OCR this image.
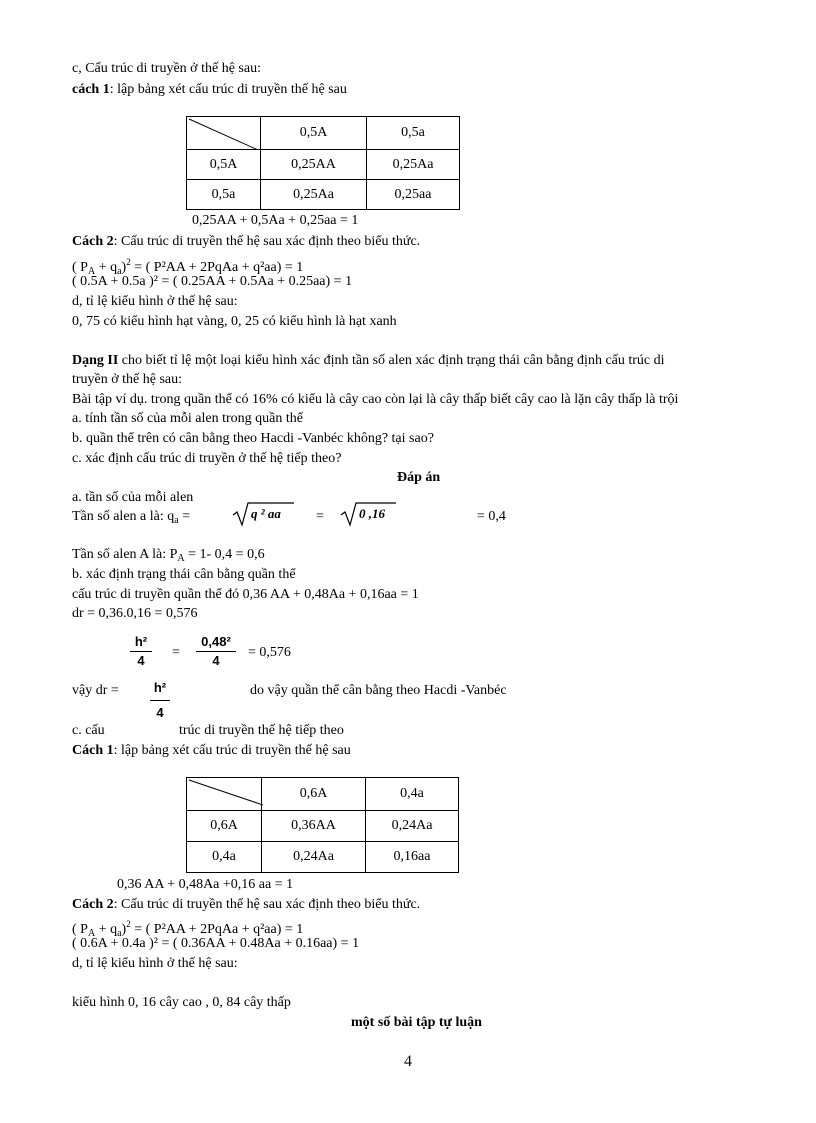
c, Cấu trúc di truyền ở thế hệ sau:
cách 1: lập bảng xét cấu trúc di truyền thế hệ sau
	0,5A	0,5a
0,5A	0,25AA	0,25Aa
0,5a	0,25Aa	0,25aa
0,25AA + 0,5Aa + 0,25aa = 1
Cách 2: Cấu trúc di truyền thế hệ sau xác định theo biểu thức.
( $P_A + q_a)^2$ = ( P²AA + 2PqAa + q²aa) = 1
( 0.5A + 0.5a )² = ( 0.25AA + 0.5Aa + 0.25aa) = 1
d, tỉ lệ kiểu hình ở thế hệ sau:
0, 75 có kiểu hình hạt vàng, 0, 25 có kiểu hình là hạt xanh
Dạng II cho biết tỉ lệ một loại kiểu hình xác định tần số alen xác định trạng thái cân bằng định cấu trúc di
truyền ở thế hệ sau:
Bài tập ví dụ. trong quần thể có 16% có kiểu là cây cao còn lại là cây thấp biết cây cao là lặn cây thấp là trội
a. tính tần số của mỗi alen trong quần thể
b. quần thể trên có cân bằng theo Hacdi -Vanbéc không? tại sao?
c. xác định cấu trúc di truyền ở thế hệ tiếp theo?
Đáp án
a. tần số của mỗi alen
Tần số alen a là: $q_a$ =	q ² aa	=	0 ,16	= 0,4
Tần số alen A là: $P_A = 1-$ 0,4 = 0,6
b. xác định trạng thái cân bằng quần thể
cấu trúc di truyền quần thể đó 0,36 AA + 0,48Aa + 0,16aa = 1
dr = 0,36.0,16 = 0,576
h²
4
=
0,48²
4
= 0,576
vậy dr =	h²
4
do vậy quần thể cân bằng theo Hacdi -Vanbéc
c. cấu	trúc di truyền thế hệ tiếp theo
Cách 1: lập bảng xét cấu trúc di truyền thế hệ sau
	0,6A	0,4a
0,6A	0,36AA	0,24Aa
0,4a	0,24Aa	0,16aa
0,36 AA + 0,48Aa +0,16 aa = 1
Cách 2: Cấu trúc di truyền thế hệ sau xác định theo biểu thức.
( $P_A + q_a)^2$ = ( P²AA + 2PqAa + q²aa) = 1
( 0.6A + 0.4a )² = ( 0.36AA + 0.48Aa + 0.16aa) = 1
d, tỉ lệ kiểu hình ở thế hệ sau:
kiểu hình 0, 16 cây cao , 0, 84 cây thấp
một số bài tập tự luận
4
